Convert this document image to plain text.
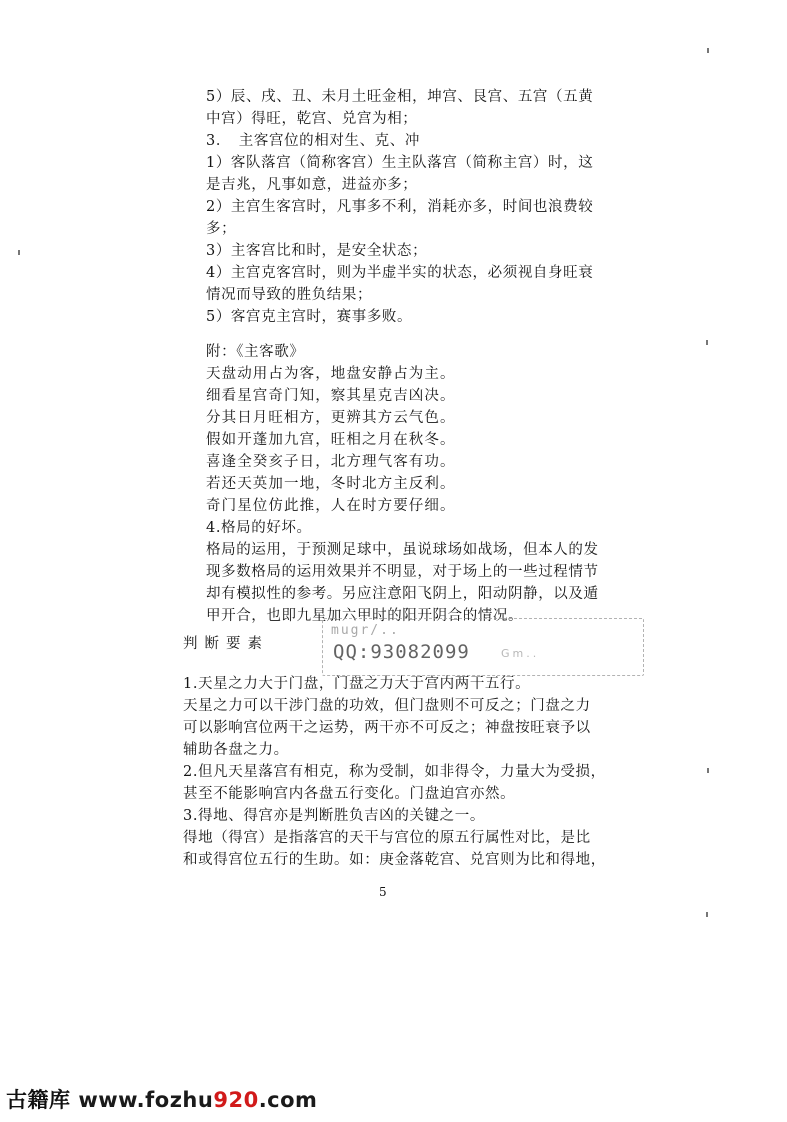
5）辰、戌、丑、未月土旺金相，坤宫、艮宫、五宫（五黄
中宫）得旺，乾宫、兑宫为相；
3．　主客宫位的相对生、克、冲
1）客队落宫（简称客宫）生主队落宫（简称主宫）时，这
是吉兆，凡事如意，进益亦多；
2）主宫生客宫时，凡事多不利，消耗亦多，时间也浪费较
多；
3）主客宫比和时，是安全状态；
4）主宫克客宫时，则为半虚半实的状态，必须视自身旺衰
情况而导致的胜负结果；
5）客宫克主宫时，赛事多败。
附：《主客歌》
天盘动用占为客，地盘安静占为主。
细看星宫奇门知，察其星克吉凶决。
分其日月旺相方，更辨其方云气色。
假如开蓬加九宫，旺相之月在秋冬。
喜逢全癸亥子日，北方理气客有功。
若还天英加一地，冬时北方主反利。
奇门星位仿此推，人在时方要仔细。
4.格局的好坏。
格局的运用，于预测足球中，虽说球场如战场，但本人的发
现多数格局的运用效果并不明显，对于场上的一些过程情节
却有模拟性的参考。另应注意阳飞阴上，阳动阴静，以及遁
甲开合，也即九星加六甲时的阳开阴合的情况。
判断要素
mugr/..
QQ:93082099	Gm..
1.天星之力大于门盘，门盘之力大于宫内两干五行。
天星之力可以干涉门盘的功效，但门盘则不可反之；门盘之力
可以影响宫位两干之运势，两干亦不可反之；神盘按旺衰予以
辅助各盘之力。
2.但凡天星落宫有相克，称为受制，如非得令，力量大为受损，
甚至不能影响宫内各盘五行变化。门盘迫宫亦然。
3.得地、得宫亦是判断胜负吉凶的关键之一。
得地（得宫）是指落宫的天干与宫位的原五行属性对比，是比
和或得宫位五行的生助。如：庚金落乾宫、兑宫则为比和得地，
5
古籍库 www.fozhu920.com
